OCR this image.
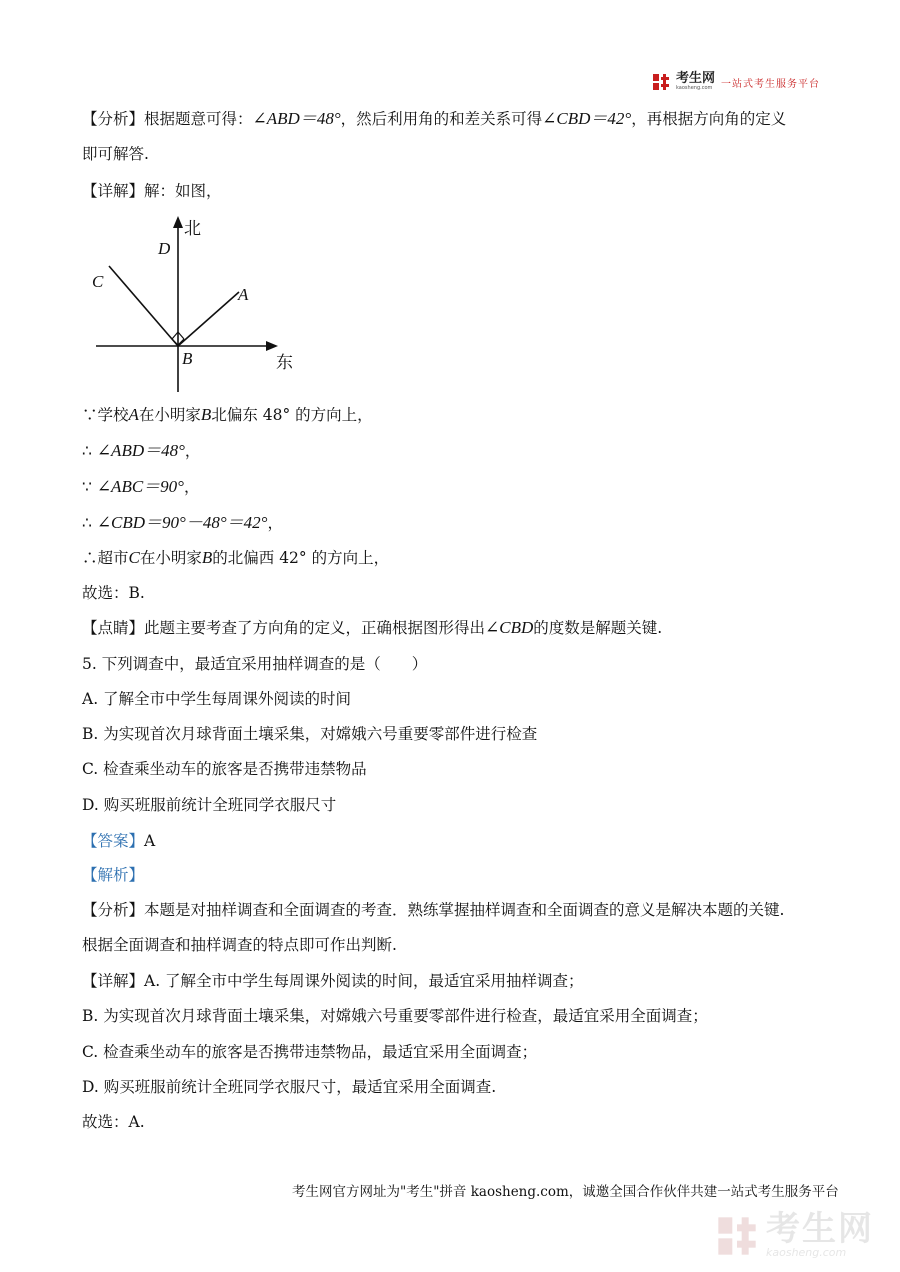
考生网
kaosheng.com 一站式考生服务平台
【分析】根据题意可得：∠ABD＝48°，然后利用角的和差关系可得∠CBD＝42°，再根据方向角的定义
即可解答.
【详解】解：如图，
北
东
D
C
A
B
∵学校A在小明家B北偏东 48° 的方向上，
∴ ∠ABD＝48°，
∵ ∠ABC＝90°，
∴ ∠CBD＝90°－48°＝42°，
∴超市C在小明家B的北偏西 42° 的方向上，
故选：B.
【点睛】此题主要考查了方向角的定义，正确根据图形得出∠CBD的度数是解题关键.
5. 下列调查中，最适宜采用抽样调查的是（　　）
A. 了解全市中学生每周课外阅读的时间
B. 为实现首次月球背面土壤采集，对嫦娥六号重要零部件进行检查
C. 检查乘坐动车的旅客是否携带违禁物品
D. 购买班服前统计全班同学衣服尺寸
【答案】A
【解析】
【分析】本题是对抽样调查和全面调查的考查．熟练掌握抽样调查和全面调查的意义是解决本题的关键.
根据全面调查和抽样调查的特点即可作出判断.
【详解】A. 了解全市中学生每周课外阅读的时间，最适宜采用抽样调查；
B. 为实现首次月球背面土壤采集，对嫦娥六号重要零部件进行检查，最适宜采用全面调查；
C. 检查乘坐动车的旅客是否携带违禁物品，最适宜采用全面调查；
D. 购买班服前统计全班同学衣服尺寸，最适宜采用全面调查.
故选：A.
考生网官方网址为"考生"拼音 kaosheng.com，诚邀全国合作伙伴共建一站式考生服务平台
考生网
kaosheng.com
